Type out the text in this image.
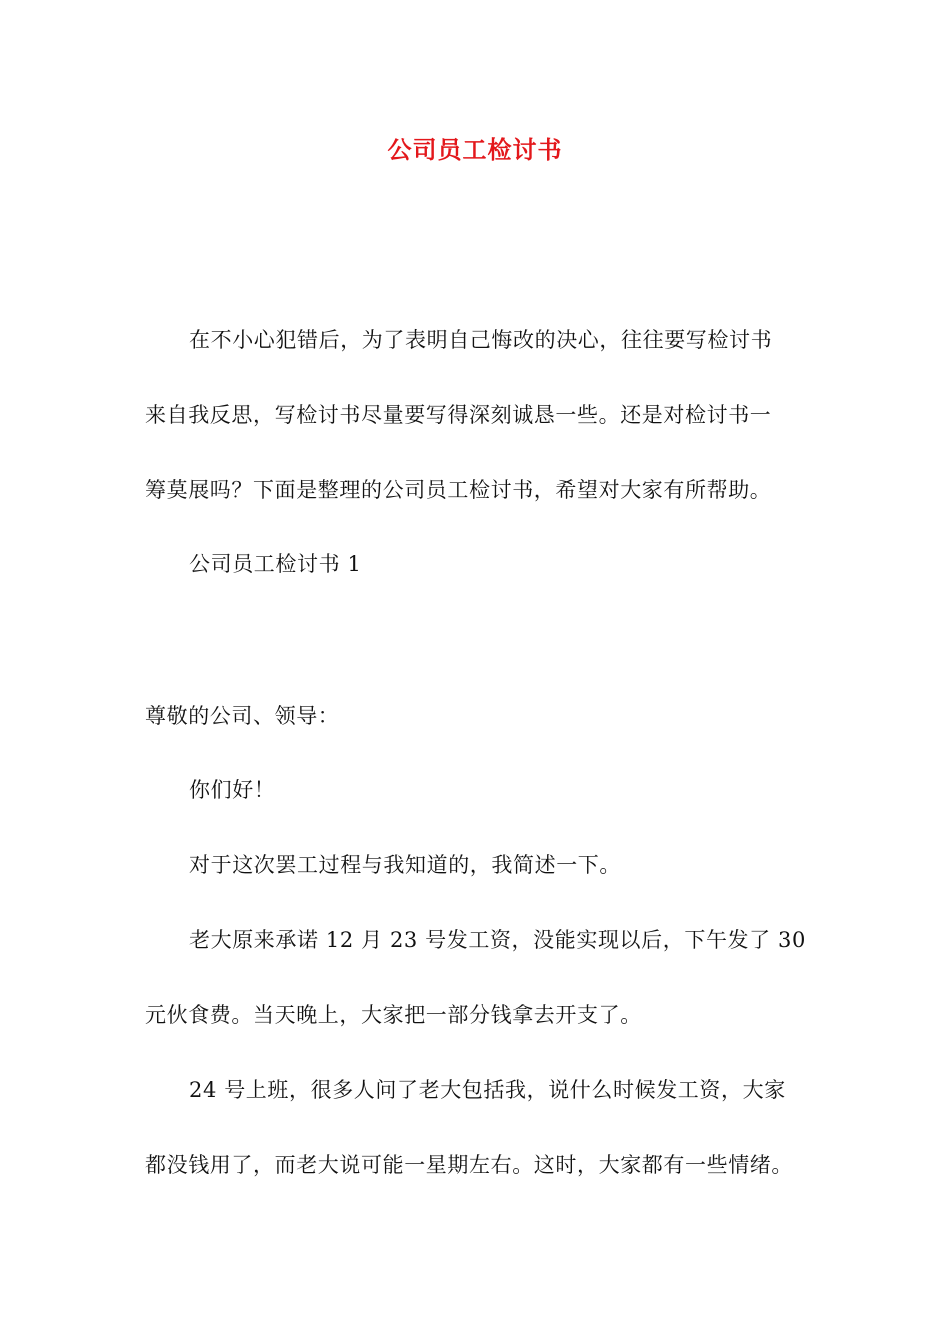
公司员工检讨书
在不小心犯错后，为了表明自己悔改的决心，往往要写检讨书
来自我反思，写检讨书尽量要写得深刻诚恳一些。还是对检讨书一
筹莫展吗？下面是整理的公司员工检讨书，希望对大家有所帮助。
公司员工检讨书 1
尊敬的公司、领导：
你们好！
对于这次罢工过程与我知道的，我简述一下。
老大原来承诺 12 月 23 号发工资，没能实现以后，下午发了 30
元伙食费。当天晚上，大家把一部分钱拿去开支了。
24 号上班，很多人问了老大包括我，说什么时候发工资，大家
都没钱用了，而老大说可能一星期左右。这时，大家都有一些情绪。
